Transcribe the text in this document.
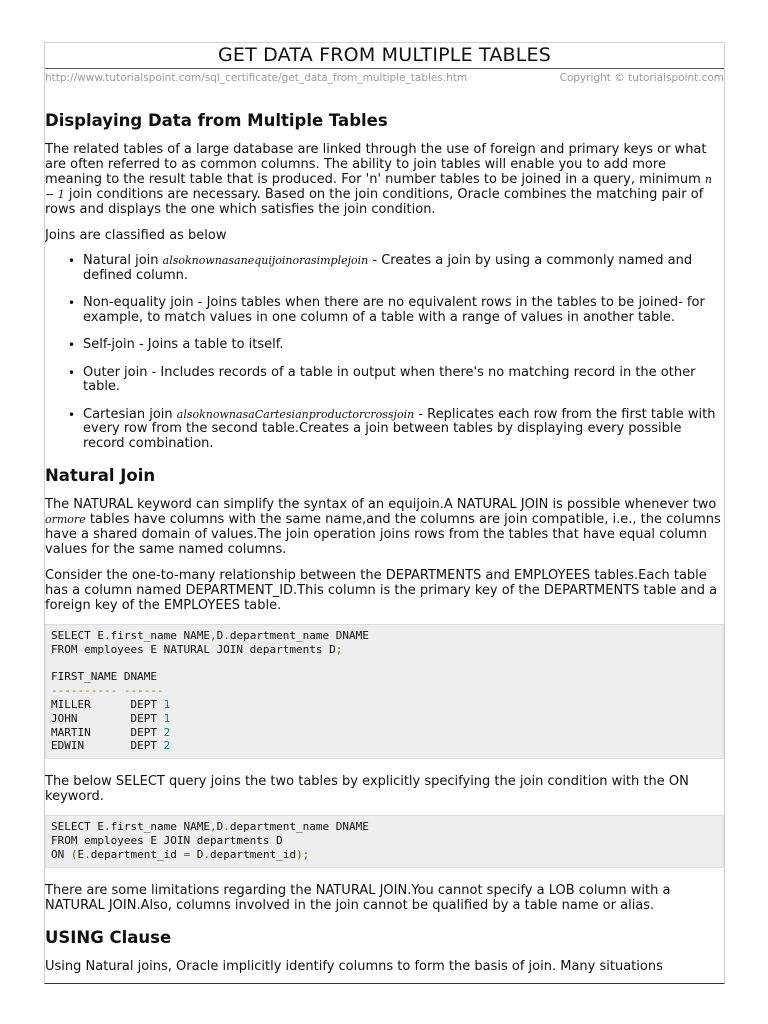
GET DATA FROM MULTIPLE TABLES
http://www.tutorialspoint.com/sql_certificate/get_data_from_multiple_tables.htm	Copyright © tutorialspoint.com
Displaying Data from Multiple Tables

The related tables of a large database are linked through the use of foreign and primary keys or what are often referred to as common columns. The ability to join tables will enable you to add more meaning to the result table that is produced. For 'n' number tables to be joined in a query, minimum n − 1 join conditions are necessary. Based on the join conditions, Oracle combines the matching pair of rows and displays the one which satisfies the join condition.

Joins are classified as below

• Natural join alsoknownasanequijoinorasimplejoin - Creates a join by using a commonly named and defined column.
• Non-equality join - Joins tables when there are no equivalent rows in the tables to be joined- for example, to match values in one column of a table with a range of values in another table.
• Self-join - Joins a table to itself.
• Outer join - Includes records of a table in output when there's no matching record in the other table.
• Cartesian join alsoknownasaCartesianproductorcrossjoin - Replicates each row from the first table with every row from the second table.Creates a join between tables by displaying every possible record combination.
Natural Join

The NATURAL keyword can simplify the syntax of an equijoin.A NATURAL JOIN is possible whenever two ormore tables have columns with the same name,and the columns are join compatible, i.e., the columns have a shared domain of values.The join operation joins rows from the tables that have equal column values for the same named columns.

Consider the one-to-many relationship between the DEPARTMENTS and EMPLOYEES tables.Each table has a column named DEPARTMENT_ID.This column is the primary key of the DEPARTMENTS table and a foreign key of the EMPLOYEES table.

SELECT E.first_name NAME,D.department_name DNAME
FROM employees E NATURAL JOIN departments D;

FIRST_NAME DNAME
---------- ------
MILLER      DEPT 1
JOHN        DEPT 1
MARTIN      DEPT 2
EDWIN       DEPT 2

The below SELECT query joins the two tables by explicitly specifying the join condition with the ON keyword.

SELECT E.first_name NAME,D.department_name DNAME
FROM employees E JOIN departments D
ON (E.department_id = D.department_id);

There are some limitations regarding the NATURAL JOIN.You cannot specify a LOB column with a NATURAL JOIN.Also, columns involved in the join cannot be qualified by a table name or alias.

USING Clause

Using Natural joins, Oracle implicitly identify columns to form the basis of join. Many situations
